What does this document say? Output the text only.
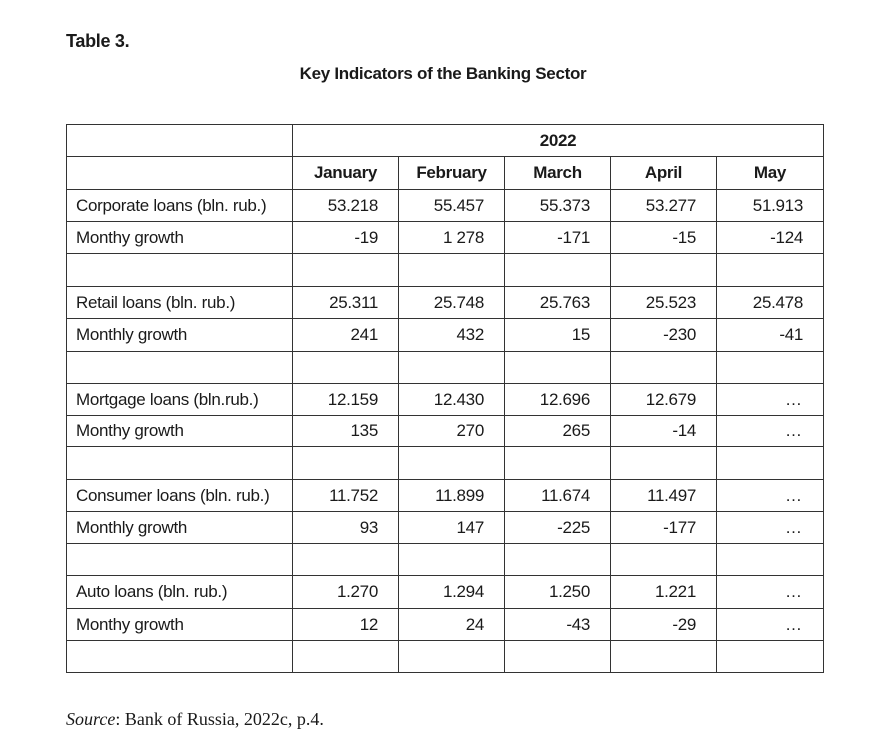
Table 3.
Key Indicators of the Banking Sector
	2022				
	January	February	March	April	May
Corporate loans (bln. rub.)	53.218	55.457	55.373	53.277	51.913
Monthy growth	-19	1 278	-171	-15	-124

Retail loans (bln. rub.)	25.311	25.748	25.763	25.523	25.478
Monthly growth	241	432	15	-230	-41

Mortgage loans (bln.rub.)	12.159	12.430	12.696	12.679	…
Monthy growth	135	270	265	-14	…

Consumer loans (bln. rub.)	11.752	11.899	11.674	11.497	…
Monthly growth	93	147	-225	-177	…

Auto loans (bln. rub.)	1.270	1.294	1.250	1.221	…
Monthy growth	12	24	-43	-29	…

Source: Bank of Russia, 2022c, p.4.
